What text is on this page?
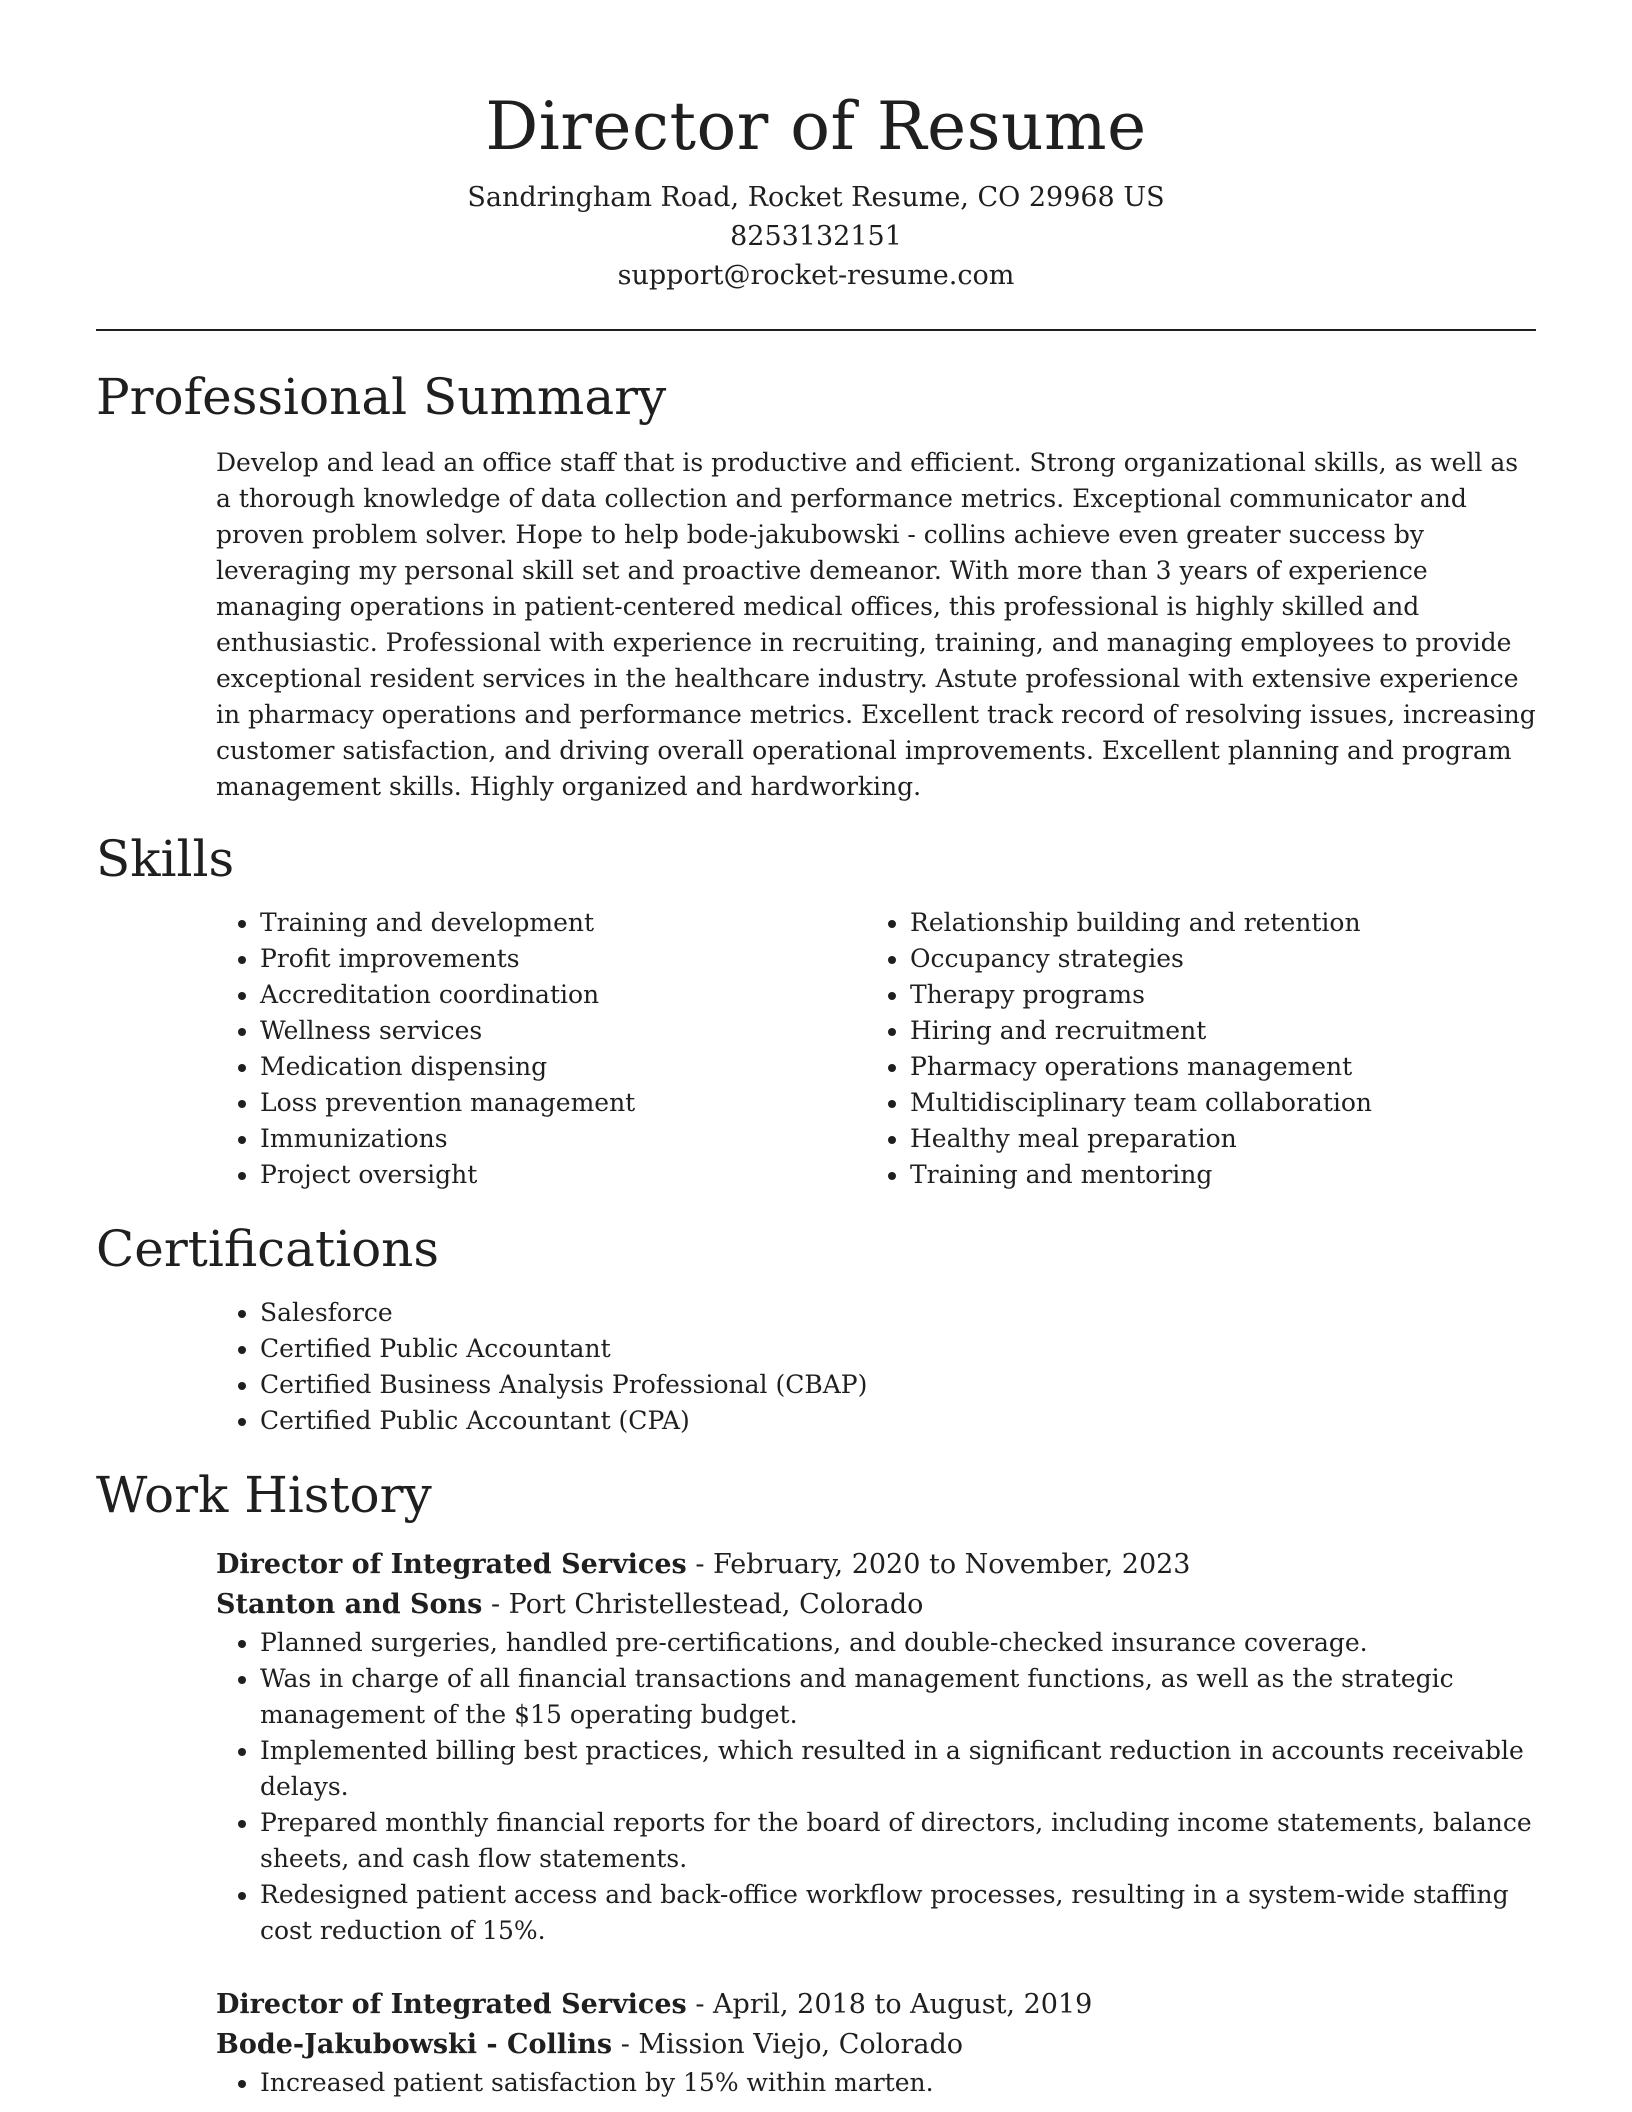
Director of Resume

Sandringham Road, Rocket Resume, CO 29968 US

8253132151

support@rocket-resume.com

Professional Summary

Develop and lead an office staff that is productive and efficient. Strong organizational skills, as well as a thorough knowledge of data collection and performance metrics. Exceptional communicator and proven problem solver. Hope to help bode-jakubowski - collins achieve even greater success by leveraging my personal skill set and proactive demeanor. With more than 3 years of experience managing operations in patient-centered medical offices, this professional is highly skilled and enthusiastic. Professional with experience in recruiting, training, and managing employees to provide exceptional resident services in the healthcare industry. Astute professional with extensive experience in pharmacy operations and performance metrics. Excellent track record of resolving issues, increasing customer satisfaction, and driving overall operational improvements. Excellent planning and program management skills. Highly organized and hardworking.

Skills
• Training and development
• Profit improvements
• Accreditation coordination
• Wellness services
• Medication dispensing
• Loss prevention management
• Immunizations
• Project oversight
• Relationship building and retention
• Occupancy strategies
• Therapy programs
• Hiring and recruitment
• Pharmacy operations management
• Multidisciplinary team collaboration
• Healthy meal preparation
• Training and mentoring
Certifications
• Salesforce
• Certified Public Accountant
• Certified Business Analysis Professional (CBAP)
• Certified Public Accountant (CPA)
Work History
Director of Integrated Services - February, 2020 to November, 2023
Stanton and Sons - Port Christellestead, Colorado
• Planned surgeries, handled pre-certifications, and double-checked insurance coverage.
• Was in charge of all financial transactions and management functions, as well as the strategic management of the $15 operating budget.
• Implemented billing best practices, which resulted in a significant reduction in accounts receivable delays.
• Prepared monthly financial reports for the board of directors, including income statements, balance sheets, and cash flow statements.
• Redesigned patient access and back-office workflow processes, resulting in a system-wide staffing cost reduction of 15%.
Director of Integrated Services - April, 2018 to August, 2019
Bode-Jakubowski - Collins - Mission Viejo, Colorado
• Increased patient satisfaction by 15% within marten.
